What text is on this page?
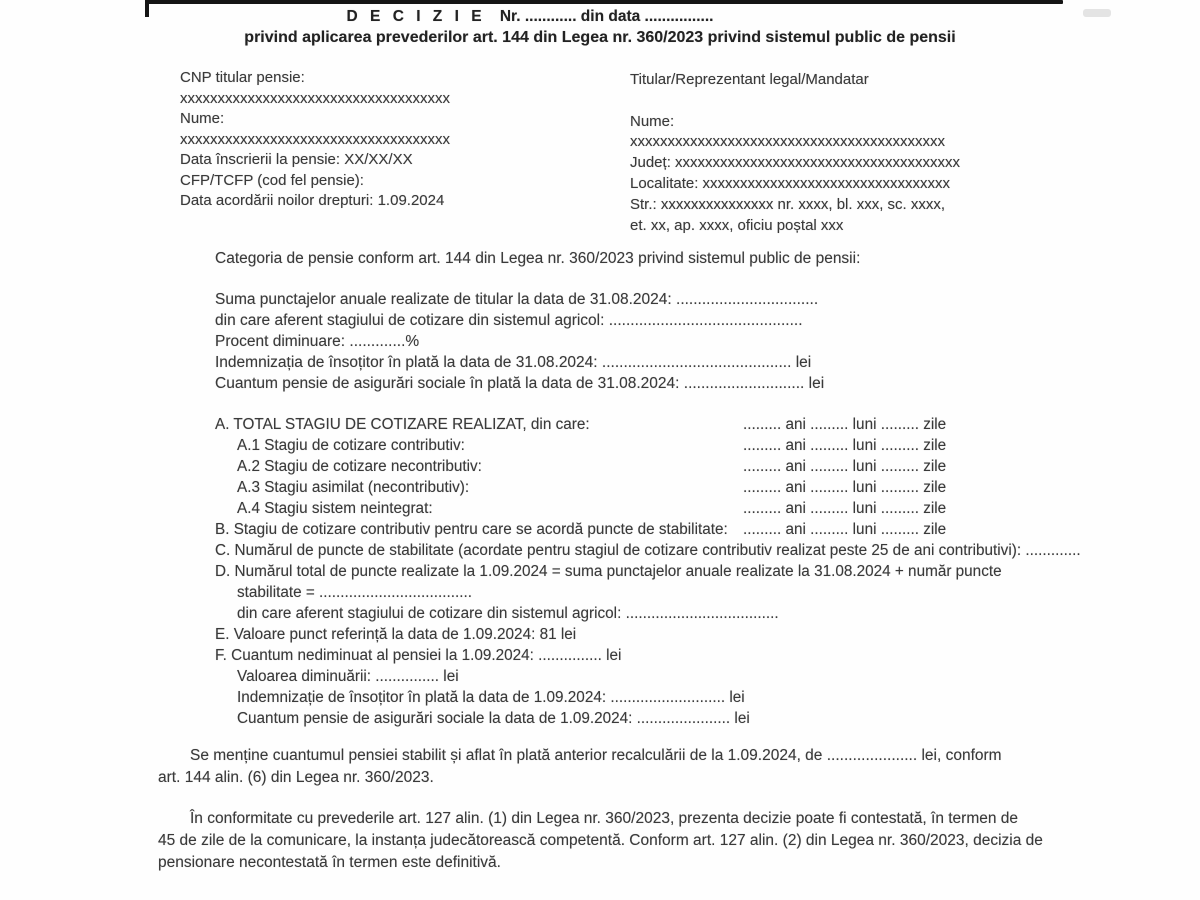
D E C I Z I E Nr. ............ din data ................
privind aplicarea prevederilor art. 144 din Legea nr. 360/2023 privind sistemul public de pensii
CNP titular pensie:
xxxxxxxxxxxxxxxxxxxxxxxxxxxxxxxxxxxx
Nume:
xxxxxxxxxxxxxxxxxxxxxxxxxxxxxxxxxxxx
Data înscrierii la pensie: XX/XX/XX
CFP/TCFP (cod fel pensie):
Data acordării noilor drepturi: 1.09.2024
Titular/Reprezentant legal/Mandatar
Nume:
xxxxxxxxxxxxxxxxxxxxxxxxxxxxxxxxxxxxxxxxxx
Județ: xxxxxxxxxxxxxxxxxxxxxxxxxxxxxxxxxxxxxx
Localitate: xxxxxxxxxxxxxxxxxxxxxxxxxxxxxxxxx
Str.: xxxxxxxxxxxxxxx nr. xxxx, bl. xxx, sc. xxxx,
et. xx, ap. xxxx, oficiu poștal xxx
Categoria de pensie conform art. 144 din Legea nr. 360/2023 privind sistemul public de pensii:
Suma punctajelor anuale realizate de titular la data de 31.08.2024: .................................
din care aferent stagiului de cotizare din sistemul agricol: .............................................
Procent diminuare: .............%
Indemnizația de însoțitor în plată la data de 31.08.2024: ............................................ lei
Cuantum pensie de asigurări sociale în plată la data de 31.08.2024: ............................ lei
A. TOTAL STAGIU DE COTIZARE REALIZAT, din care:	......... ani ......... luni ......... zile
A.1 Stagiu de cotizare contributiv:	......... ani ......... luni ......... zile
A.2 Stagiu de cotizare necontributiv:	......... ani ......... luni ......... zile
A.3 Stagiu asimilat (necontributiv):	......... ani ......... luni ......... zile
A.4 Stagiu sistem neintegrat:	......... ani ......... luni ......... zile
B. Stagiu de cotizare contributiv pentru care se acordă puncte de stabilitate: ......... ani ......... luni ......... zile
C. Numărul de puncte de stabilitate (acordate pentru stagiul de cotizare contributiv realizat peste 25 de ani contributivi): .............
D. Numărul total de puncte realizate la 1.09.2024 = suma punctajelor anuale realizate la 31.08.2024 + număr puncte
stabilitate = ....................................
din care aferent stagiului de cotizare din sistemul agricol: ....................................
E. Valoare punct referință la data de 1.09.2024: 81 lei
F. Cuantum nediminuat al pensiei la 1.09.2024: ............... lei
Valoarea diminuării: ............... lei
Indemnizație de însoțitor în plată la data de 1.09.2024: ........................... lei
Cuantum pensie de asigurări sociale la data de 1.09.2024: ...................... lei
Se menține cuantumul pensiei stabilit și aflat în plată anterior recalculării de la 1.09.2024, de ..................... lei, conform
art. 144 alin. (6) din Legea nr. 360/2023.
În conformitate cu prevederile art. 127 alin. (1) din Legea nr. 360/2023, prezenta decizie poate fi contestată, în termen de
45 de zile de la comunicare, la instanța judecătorească competentă. Conform art. 127 alin. (2) din Legea nr. 360/2023, decizia de
pensionare necontestată în termen este definitivă.
